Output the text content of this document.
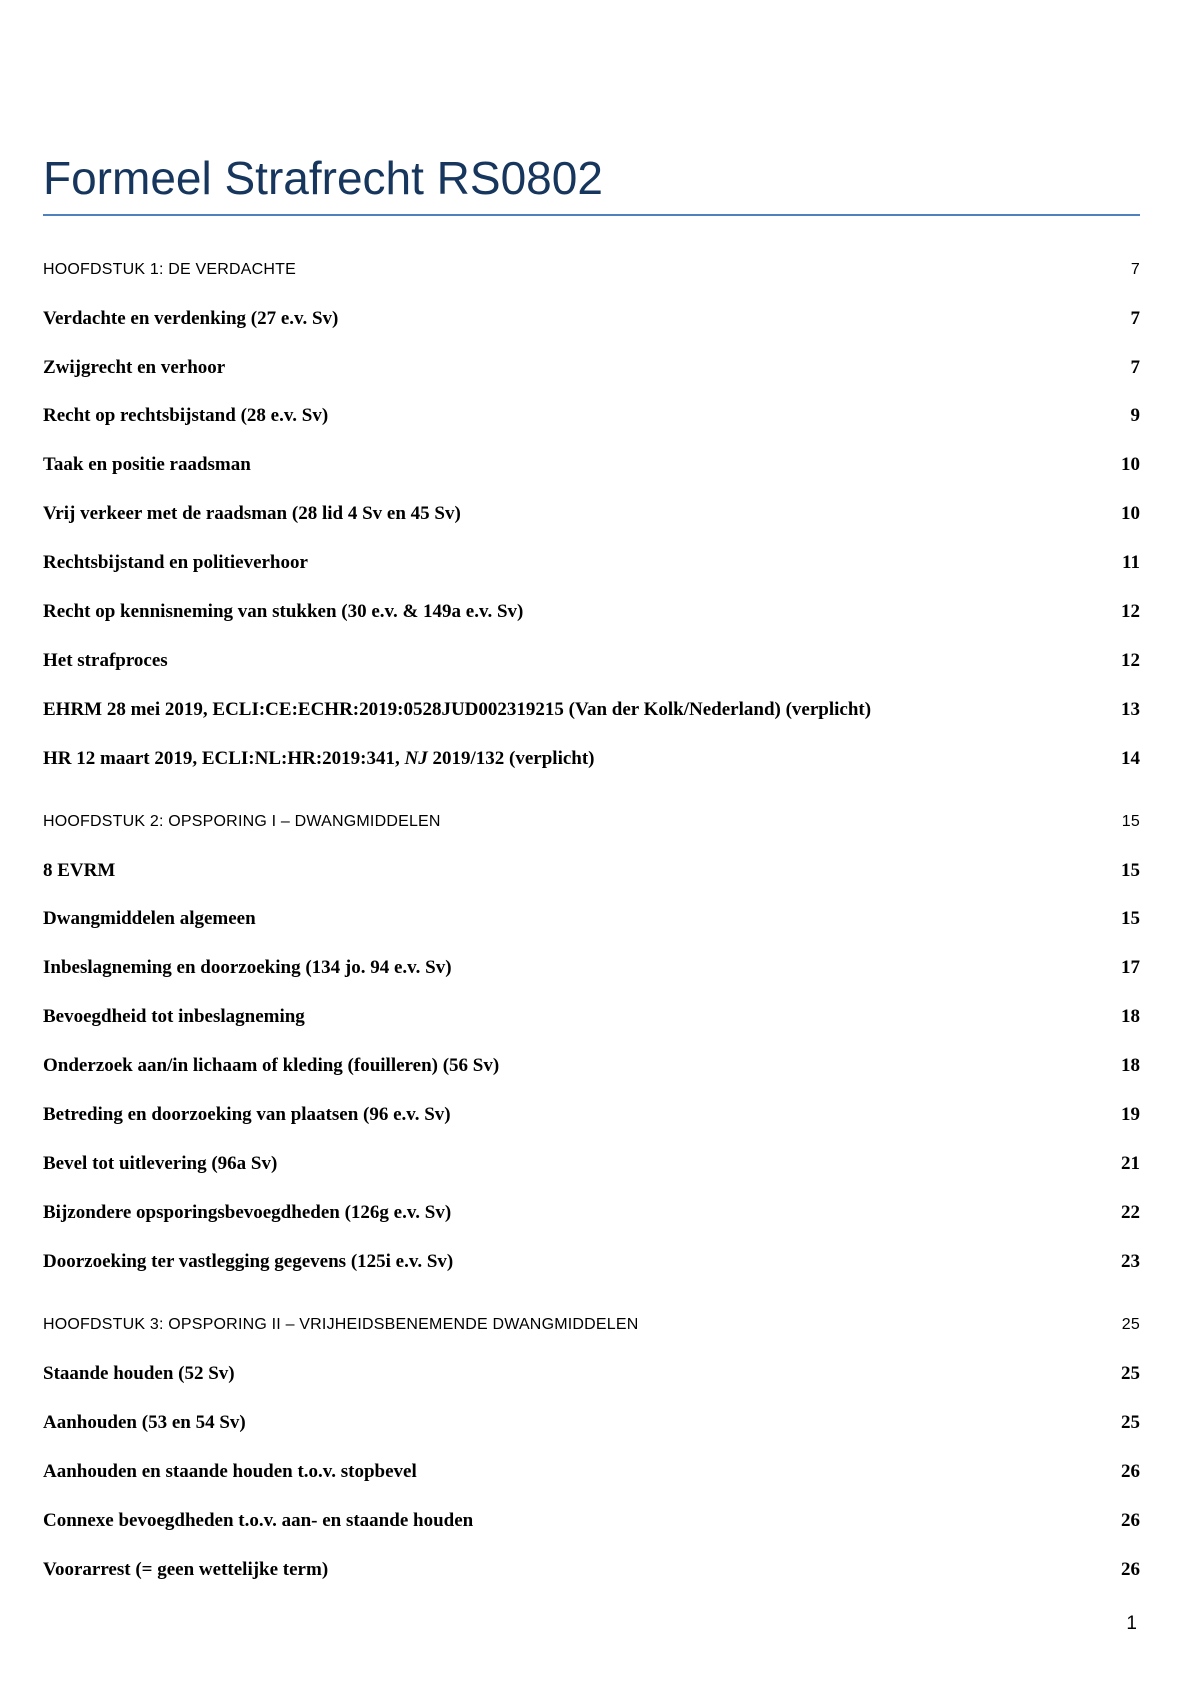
Formeel Strafrecht RS0802
HOOFDSTUK 1: DE VERDACHTE	7
Verdachte en verdenking (27 e.v. Sv)	7
Zwijgrecht en verhoor	7
Recht op rechtsbijstand (28 e.v. Sv)	9
Taak en positie raadsman	10
Vrij verkeer met de raadsman (28 lid 4 Sv en 45 Sv)	10
Rechtsbijstand en politieverhoor	11
Recht op kennisneming van stukken (30 e.v. & 149a e.v. Sv)	12
Het strafproces	12
EHRM 28 mei 2019, ECLI:CE:ECHR:2019:0528JUD002319215 (Van der Kolk/Nederland) (verplicht)	13
HR 12 maart 2019, ECLI:NL:HR:2019:341, NJ 2019/132 (verplicht)	14
HOOFDSTUK 2: OPSPORING I – DWANGMIDDELEN	15
8 EVRM	15
Dwangmiddelen algemeen	15
Inbeslagneming en doorzoeking (134 jo. 94 e.v. Sv)	17
Bevoegdheid tot inbeslagneming	18
Onderzoek aan/in lichaam of kleding (fouilleren) (56 Sv)	18
Betreding en doorzoeking van plaatsen (96 e.v. Sv)	19
Bevel tot uitlevering (96a Sv)	21
Bijzondere opsporingsbevoegdheden (126g e.v. Sv)	22
Doorzoeking ter vastlegging gegevens (125i e.v. Sv)	23
HOOFDSTUK 3: OPSPORING II – VRIJHEIDSBENEMENDE DWANGMIDDELEN	25
Staande houden (52 Sv)	25
Aanhouden (53 en 54 Sv)	25
Aanhouden en staande houden t.o.v. stopbevel	26
Connexe bevoegdheden t.o.v. aan- en staande houden	26
Voorarrest (= geen wettelijke term)	26
1
